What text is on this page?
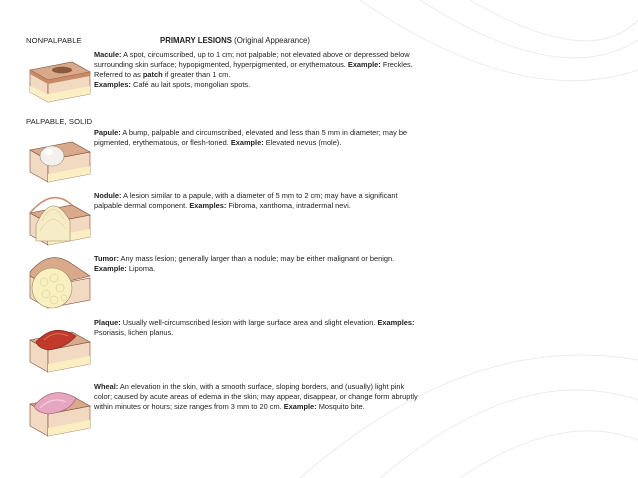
NONPALPABLE	PRIMARY LESIONS (Original Appearance)
PALPABLE, SOLID
Macule: A spot, circumscribed, up to 1 cm; not palpable; not elevated above or depressed below surrounding skin surface; hypopigmented, hyperpigmented, or erythematous. Example: Freckles. Referred to as patch if greater than 1 cm.
Examples: Café au lait spots, mongolian spots.
Papule: A bump, palpable and circumscribed, elevated and less than 5 mm in diameter; may be pigmented, erythematous, or flesh-toned. Example: Elevated nevus (mole).
Nodule: A lesion similar to a papule, with a diameter of 5 mm to 2 cm; may have a significant palpable dermal component. Examples: Fibroma, xanthoma, intradermal nevi.
Tumor: Any mass lesion; generally larger than a nodule; may be either malignant or benign. Example: Lipoma.
Plaque: Usually well-circumscribed lesion with large surface area and slight elevation. Examples: Psoriasis, lichen planus.
Wheal: An elevation in the skin, with a smooth surface, sloping borders, and (usually) light pink color; caused by acute areas of edema in the skin; may appear, disappear, or change form abruptly within minutes or hours; size ranges from 3 mm to 20 cm. Example: Mosquito bite.
